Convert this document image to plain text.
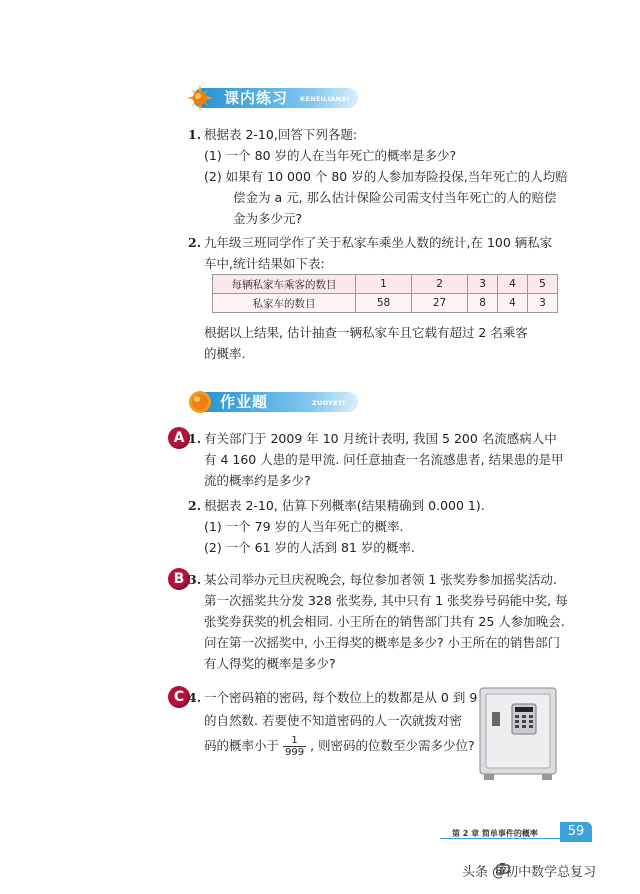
课内练习 KENEILIANXI
1. 根据表 2-10,回答下列各题:
(1) 一个 80 岁的人在当年死亡的概率是多少?
(2) 如果有 10 000 个 80 岁的人参加寿险投保,当年死亡的人均赔
偿金为 a 元, 那么估计保险公司需支付当年死亡的人的赔偿
金为多少元?
2. 九年级三班同学作了关于私家车乘坐人数的统计,在 100 辆私家
车中,统计结果如下表:
每辆私家车乘客的数目	1	2	3	4	5
私家车的数目	58	27	8	4	3
根据以上结果, 估计抽查一辆私家车且它载有超过 2 名乘客
的概率.
作业题	ZUOYETI
A 1. 有关部门于 2009 年 10 月统计表明, 我国 5 200 名流感病人中
有 4 160 人患的是甲流. 问任意抽查一名流感患者, 结果患的是甲
流的概率约是多少?
2. 根据表 2-10, 估算下列概率(结果精确到 0.000 1).
(1) 一个 79 岁的人当年死亡的概率.
(2) 一个 61 岁的人活到 81 岁的概率.
B 3. 某公司举办元旦庆祝晚会, 每位参加者领 1 张奖券参加摇奖活动.
第一次摇奖共分发 328 张奖券, 其中只有 1 张奖券号码能中奖, 每
张奖券获奖的机会相同. 小王所在的销售部门共有 25 人参加晚会.
问在第一次摇奖中, 小王得奖的概率是多少? 小王所在的销售部门
有人得奖的概率是多少?
C 4. 一个密码箱的密码, 每个数位上的数都是从 0 到 9
的自然数. 若要使不知道密码的人一次就拨对密
码的概率小于 $\frac{1}{999}$ , 则密码的位数至少需多少位?
第 2 章 简单事件的概率	59
头条 @初中数学总复习
